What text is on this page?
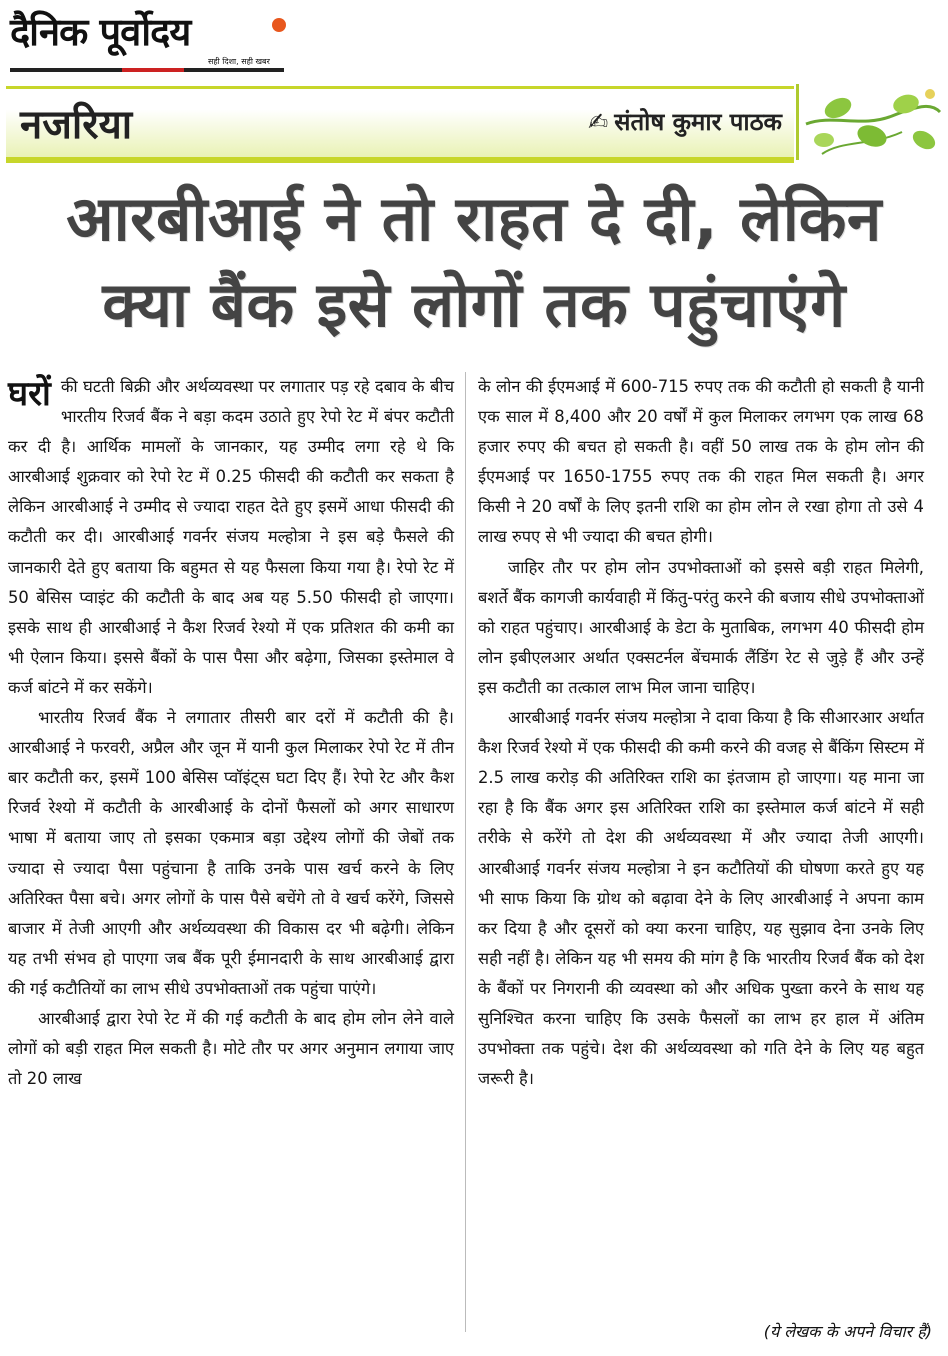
दैनिक पूर्वोदय
सही दिशा, सही खबर
नजरिया	✍ संतोष कुमार पाठक
आरबीआई ने तो राहत दे दी, लेकिन
क्या बैंक इसे लोगों तक पहुंचाएंगे
घरों की घटती बिक्री और अर्थव्यवस्था पर लगातार पड़ रहे दबाव के बीच भारतीय रिजर्व बैंक ने बड़ा कदम उठाते हुए रेपो रेट में बंपर कटौती कर दी है। आर्थिक मामलों के जानकार, यह उम्मीद लगा रहे थे कि आरबीआई शुक्रवार को रेपो रेट में 0.25 फीसदी की कटौती कर सकता है लेकिन आरबीआई ने उम्मीद से ज्यादा राहत देते हुए इसमें आधा फीसदी की कटौती कर दी। आरबीआई गवर्नर संजय मल्होत्रा ने इस बड़े फैसले की जानकारी देते हुए बताया कि बहुमत से यह फैसला किया गया है। रेपो रेट में 50 बेसिस प्वाइंट की कटौती के बाद अब यह 5.50 फीसदी हो जाएगा। इसके साथ ही आरबीआई ने कैश रिजर्व रेश्यो में एक प्रतिशत की कमी का भी ऐलान किया। इससे बैंकों के पास पैसा और बढ़ेगा, जिसका इस्तेमाल वे कर्ज बांटने में कर सकेंगे।

भारतीय रिजर्व बैंक ने लगातार तीसरी बार दरों में कटौती की है। आरबीआई ने फरवरी, अप्रैल और जून में यानी कुल मिलाकर रेपो रेट में तीन बार कटौती कर, इसमें 100 बेसिस प्वॉइंट्स घटा दिए हैं। रेपो रेट और कैश रिजर्व रेश्यो में कटौती के आरबीआई के दोनों फैसलों को अगर साधारण भाषा में बताया जाए तो इसका एकमात्र बड़ा उद्देश्य लोगों की जेबों तक ज्यादा से ज्यादा पैसा पहुंचाना है ताकि उनके पास खर्च करने के लिए अतिरिक्त पैसा बचे। अगर लोगों के पास पैसे बचेंगे तो वे खर्च करेंगे, जिससे बाजार में तेजी आएगी और अर्थव्यवस्था की विकास दर भी बढ़ेगी। लेकिन यह तभी संभव हो पाएगा जब बैंक पूरी ईमानदारी के साथ आरबीआई द्वारा की गई कटौतियों का लाभ सीधे उपभोक्ताओं तक पहुंचा पाएंगे।

आरबीआई द्वारा रेपो रेट में की गई कटौती के बाद होम लोन लेने वाले लोगों को बड़ी राहत मिल सकती है। मोटे तौर पर अगर अनुमान लगाया जाए तो 20 लाख

के लोन की ईएमआई में 600-715 रुपए तक की कटौती हो सकती है यानी एक साल में 8,400 और 20 वर्षों में कुल मिलाकर लगभग एक लाख 68 हजार रुपए की बचत हो सकती है। वहीं 50 लाख तक के होम लोन की ईएमआई पर 1650-1755 रुपए तक की राहत मिल सकती है। अगर किसी ने 20 वर्षों के लिए इतनी राशि का होम लोन ले रखा होगा तो उसे 4 लाख रुपए से भी ज्यादा की बचत होगी।

जाहिर तौर पर होम लोन उपभोक्ताओं को इससे बड़ी राहत मिलेगी, बशर्ते बैंक कागजी कार्यवाही में किंतु-परंतु करने की बजाय सीधे उपभोक्ताओं को राहत पहुंचाए। आरबीआई के डेटा के मुताबिक, लगभग 40 फीसदी होम लोन इबीएलआर अर्थात एक्सटर्नल बेंचमार्क लैंडिंग रेट से जुड़े हैं और उन्हें इस कटौती का तत्काल लाभ मिल जाना चाहिए।

आरबीआई गवर्नर संजय मल्होत्रा ने दावा किया है कि सीआरआर अर्थात कैश रिजर्व रेश्यो में एक फीसदी की कमी करने की वजह से बैंकिंग सिस्टम में 2.5 लाख करोड़ की अतिरिक्त राशि का इंतजाम हो जाएगा। यह माना जा रहा है कि बैंक अगर इस अतिरिक्त राशि का इस्तेमाल कर्ज बांटने में सही तरीके से करेंगे तो देश की अर्थव्यवस्था में और ज्यादा तेजी आएगी। आरबीआई गवर्नर संजय मल्होत्रा ने इन कटौतियों की घोषणा करते हुए यह भी साफ किया कि ग्रोथ को बढ़ावा देने के लिए आरबीआई ने अपना काम कर दिया है और दूसरों को क्या करना चाहिए, यह सुझाव देना उनके लिए सही नहीं है। लेकिन यह भी समय की मांग है कि भारतीय रिजर्व बैंक को देश के बैंकों पर निगरानी की व्यवस्था को और अधिक पुख्ता करने के साथ यह सुनिश्चित करना चाहिए कि उसके फैसलों का लाभ हर हाल में अंतिम उपभोक्ता तक पहुंचे। देश की अर्थव्यवस्था को गति देने के लिए यह बहुत जरूरी है।

(ये लेखक के अपने विचार हैं)
